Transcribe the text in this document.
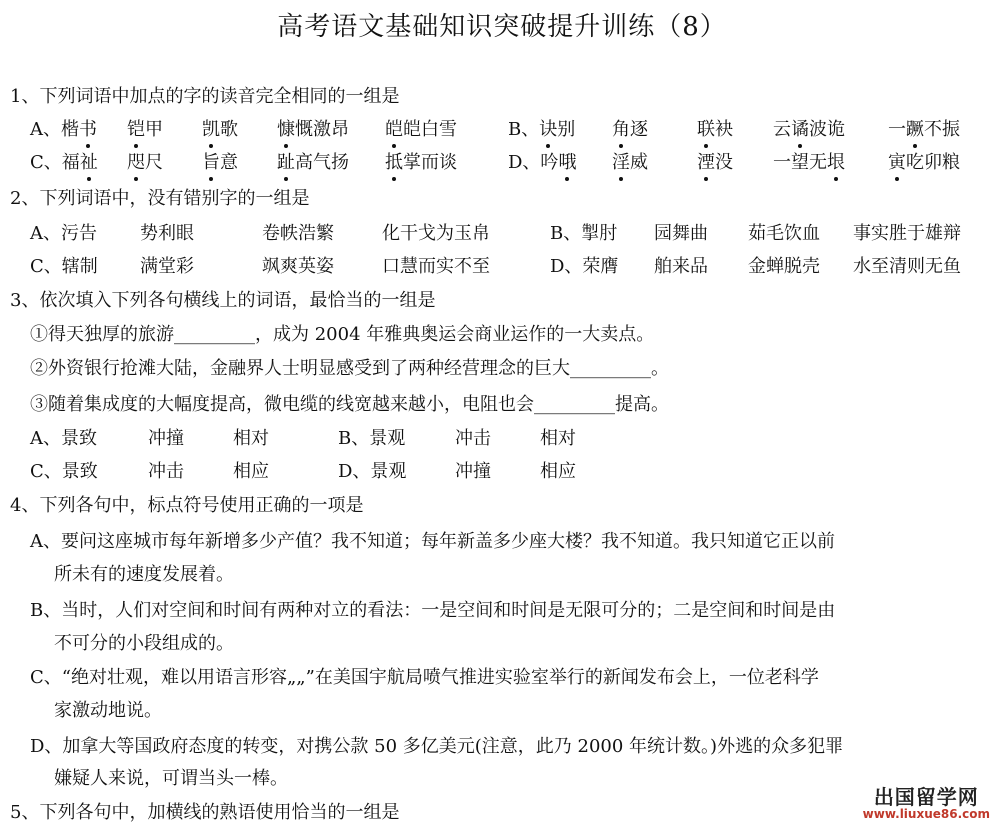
高考语文基础知识突破提升训练（8）
1、下列词语中加点的字的读音完全相同的一组是
A、楷书 铠甲 凯歌 慷慨激昂 皑皑白雪	B、诀别 角逐	联袂 云谲波诡 一蹶不振
C、福祉 咫尺 旨意 趾高气扬 抵掌而谈	D、吟哦 淫威	湮没 一望无垠 寅吃卯粮
2、下列词语中，没有错别字的一组是
A、污告 势利眼	卷帙浩繁	化干戈为玉帛	B、掣肘 园舞曲 茹毛饮血 事实胜于雄辩
C、辖制 满堂彩	飒爽英姿	口慧而实不至	D、荣膺 舶来品 金蝉脱壳 水至清则无鱼
3、依次填入下列各句横线上的词语，最恰当的一组是
①得天独厚的旅游_________，成为 2004 年雅典奥运会商业运作的一大卖点。
②外资银行抢滩大陆，金融界人士明显感受到了两种经营理念的巨大_________。
③随着集成度的大幅度提高，微电缆的线宽越来越小，电阻也会_________提高。
A、景致	冲撞	相对	B、景观	冲击	相对
C、景致	冲击	相应	D、景观	冲撞	相应
4、下列各句中，标点符号使用正确的一项是
A、要问这座城市每年新增多少产值？我不知道；每年新盖多少座大楼？我不知道。我只知道它正以前
所未有的速度发展着。
B、当时，人们对空间和时间有两种对立的看法：一是空间和时间是无限可分的；二是空间和时间是由
不可分的小段组成的。
C、“绝对壮观，难以用语言形容„„”在美国宇航局喷气推进实验室举行的新闻发布会上，一位老科学
家激动地说。
D、加拿大等国政府态度的转变，对携公款 50 多亿美元(注意，此乃 2000 年统计数。)外逃的众多犯罪
嫌疑人来说，可谓当头一棒。
5、下列各句中，加横线的熟语使用恰当的一组是
出国留学网
www.liuxue86.com
